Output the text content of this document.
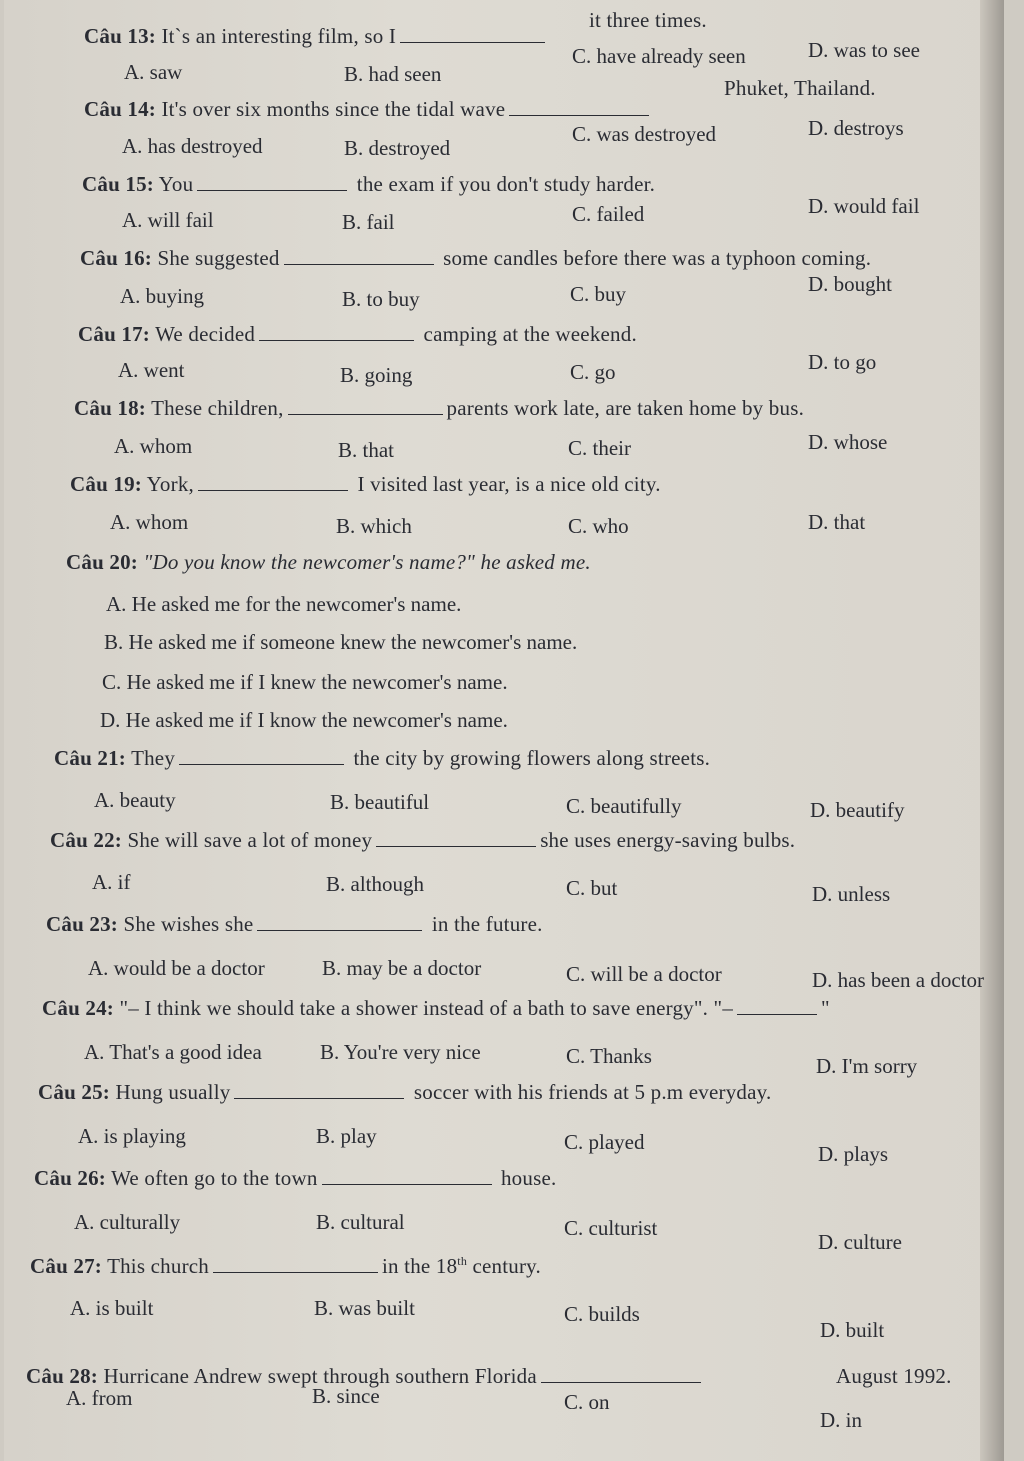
Câu 13: It`s an interesting film, so I
it three times.
A. saw	B. had seen
C. have already seen	D. was to see
Câu 14: It's over six months since the tidal wave
Phuket, Thailand.
A. has destroyed	B. destroyed
C. was destroyed	D. destroys
Câu 15: You	the exam if you don't study harder.
A. will fail	B. fail	C. failed	D. would fail
Câu 16: She suggested	some candles before there was a typhoon coming.
A. buying	B. to buy	C. buy	D. bought
Câu 17: We decided	camping at the weekend.
A. went	B. going	C. go	D. to go
Câu 18: These children,	parents work late, are taken home by bus.
A. whom	B. that	C. their	D. whose
Câu 19: York,	I visited last year, is a nice old city.
A. whom	B. which	C. who	D. that
Câu 20: "Do you know the newcomer's name?" he asked me.
A. He asked me for the newcomer's name.
B. He asked me if someone knew the newcomer's name.
C. He asked me if I knew the newcomer's name.
D. He asked me if I know the newcomer's name.
Câu 21: They	the city by growing flowers along streets.
A. beauty	B. beautiful	C. beautifully	D. beautify
Câu 22: She will save a lot of money	she uses energy-saving bulbs.
A. if	B. although	C. but	D. unless
Câu 23: She wishes she	in the future.
A. would be a doctor	B. may be a doctor	C. will be a doctor	D. has been a doctor
Câu 24: "– I think we should take a shower instead of a bath to save energy". "–	"
A. That's a good idea	B. You're very nice	C. Thanks	D. I'm sorry
Câu 25: Hung usually	soccer with his friends at 5 p.m everyday.
A. is playing	B. play	C. played	D. plays
Câu 26: We often go to the town	house.
A. culturally	B. cultural	C. culturist
D. culture
Câu 27: This church	in the 18th century.
A. is built	B. was built	C. builds
D. built
Câu 28: Hurricane Andrew swept through southern Florida	August 1992.
A. from	B. since	C. on
D. in
